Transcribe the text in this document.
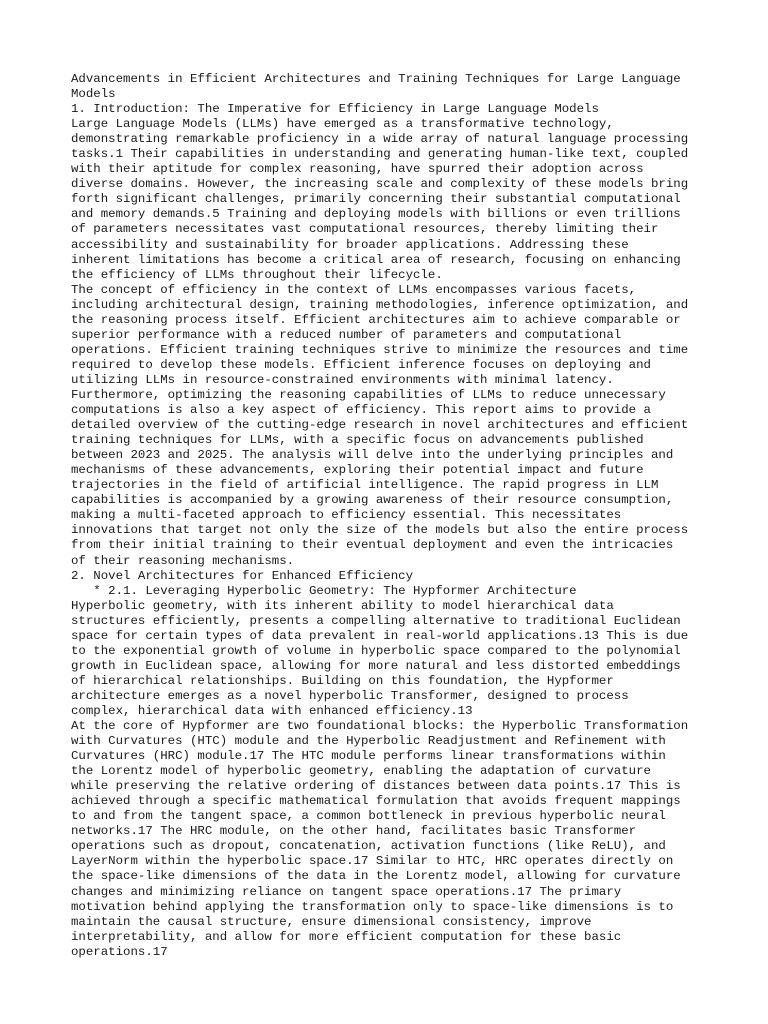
Advancements in Efficient Architectures and Training Techniques for Large Language
Models
1. Introduction: The Imperative for Efficiency in Large Language Models
Large Language Models (LLMs) have emerged as a transformative technology,
demonstrating remarkable proficiency in a wide array of natural language processing
tasks.1 Their capabilities in understanding and generating human-like text, coupled
with their aptitude for complex reasoning, have spurred their adoption across
diverse domains. However, the increasing scale and complexity of these models bring
forth significant challenges, primarily concerning their substantial computational
and memory demands.5 Training and deploying models with billions or even trillions
of parameters necessitates vast computational resources, thereby limiting their
accessibility and sustainability for broader applications. Addressing these
inherent limitations has become a critical area of research, focusing on enhancing
the efficiency of LLMs throughout their lifecycle.
The concept of efficiency in the context of LLMs encompasses various facets,
including architectural design, training methodologies, inference optimization, and
the reasoning process itself. Efficient architectures aim to achieve comparable or
superior performance with a reduced number of parameters and computational
operations. Efficient training techniques strive to minimize the resources and time
required to develop these models. Efficient inference focuses on deploying and
utilizing LLMs in resource-constrained environments with minimal latency.
Furthermore, optimizing the reasoning capabilities of LLMs to reduce unnecessary
computations is also a key aspect of efficiency. This report aims to provide a
detailed overview of the cutting-edge research in novel architectures and efficient
training techniques for LLMs, with a specific focus on advancements published
between 2023 and 2025. The analysis will delve into the underlying principles and
mechanisms of these advancements, exploring their potential impact and future
trajectories in the field of artificial intelligence. The rapid progress in LLM
capabilities is accompanied by a growing awareness of their resource consumption,
making a multi-faceted approach to efficiency essential. This necessitates
innovations that target not only the size of the models but also the entire process
from their initial training to their eventual deployment and even the intricacies
of their reasoning mechanisms.
2. Novel Architectures for Enhanced Efficiency
* 2.1. Leveraging Hyperbolic Geometry: The Hypformer Architecture
Hyperbolic geometry, with its inherent ability to model hierarchical data
structures efficiently, presents a compelling alternative to traditional Euclidean
space for certain types of data prevalent in real-world applications.13 This is due
to the exponential growth of volume in hyperbolic space compared to the polynomial
growth in Euclidean space, allowing for more natural and less distorted embeddings
of hierarchical relationships. Building on this foundation, the Hypformer
architecture emerges as a novel hyperbolic Transformer, designed to process
complex, hierarchical data with enhanced efficiency.13
At the core of Hypformer are two foundational blocks: the Hyperbolic Transformation
with Curvatures (HTC) module and the Hyperbolic Readjustment and Refinement with
Curvatures (HRC) module.17 The HTC module performs linear transformations within
the Lorentz model of hyperbolic geometry, enabling the adaptation of curvature
while preserving the relative ordering of distances between data points.17 This is
achieved through a specific mathematical formulation that avoids frequent mappings
to and from the tangent space, a common bottleneck in previous hyperbolic neural
networks.17 The HRC module, on the other hand, facilitates basic Transformer
operations such as dropout, concatenation, activation functions (like ReLU), and
LayerNorm within the hyperbolic space.17 Similar to HTC, HRC operates directly on
the space-like dimensions of the data in the Lorentz model, allowing for curvature
changes and minimizing reliance on tangent space operations.17 The primary
motivation behind applying the transformation only to space-like dimensions is to
maintain the causal structure, ensure dimensional consistency, improve
interpretability, and allow for more efficient computation for these basic
operations.17
